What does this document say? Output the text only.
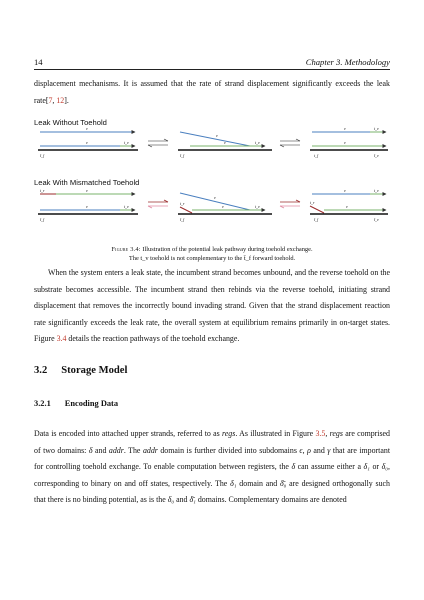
14	Chapter 3. Methodology
displacement mechanisms. It is assumed that the rate of strand displacement significantly exceeds the leak rate[7, 12].
Leak Without Toehold
v
v	t_v
t̄_f
v
v	t_v
t̄_f
v	t_v
v
t_f	t̄_v
Leak With Mismatched Toehold
t_r	v
v	t_v
t̄_f
v
t_r
v	t_v
t̄_f
v	t_v
t_r
v
t̄_f	t̄_v
Figure 3.4: Illustration of the potential leak pathway during toehold exchange.
The t_v toehold is not complementary to the t̄_f forward toehold.
When the system enters a leak state, the incumbent strand becomes unbound, and the reverse toehold on the substrate becomes accessible. The incumbent strand then rebinds via the reverse toehold, initiating strand displacement that removes the incorrectly bound invading strand. Given that the strand displacement reaction rate significantly exceeds the leak rate, the overall system at equilibrium remains primarily in on-target states. Figure 3.4 details the reaction pathways of the toehold exchange.
3.2 Storage Model
3.2.1 Encoding Data
Data is encoded into attached upper strands, referred to as regs. As illustrated in Figure 3.5, regs are comprised of two domains: δ and addr. The addr domain is further divided into subdomains ϵ, ρ and γ that are important for controlling toehold exchange. To enable computation between registers, the δ can assume either a δ₁ or δ₀, corresponding to binary on and off states, respectively. The δ₁ domain and δ̄₀ are designed orthogonally such that there is no binding potential, as is the δ₀ and δ̄₁ domains. Complementary domains are denoted
